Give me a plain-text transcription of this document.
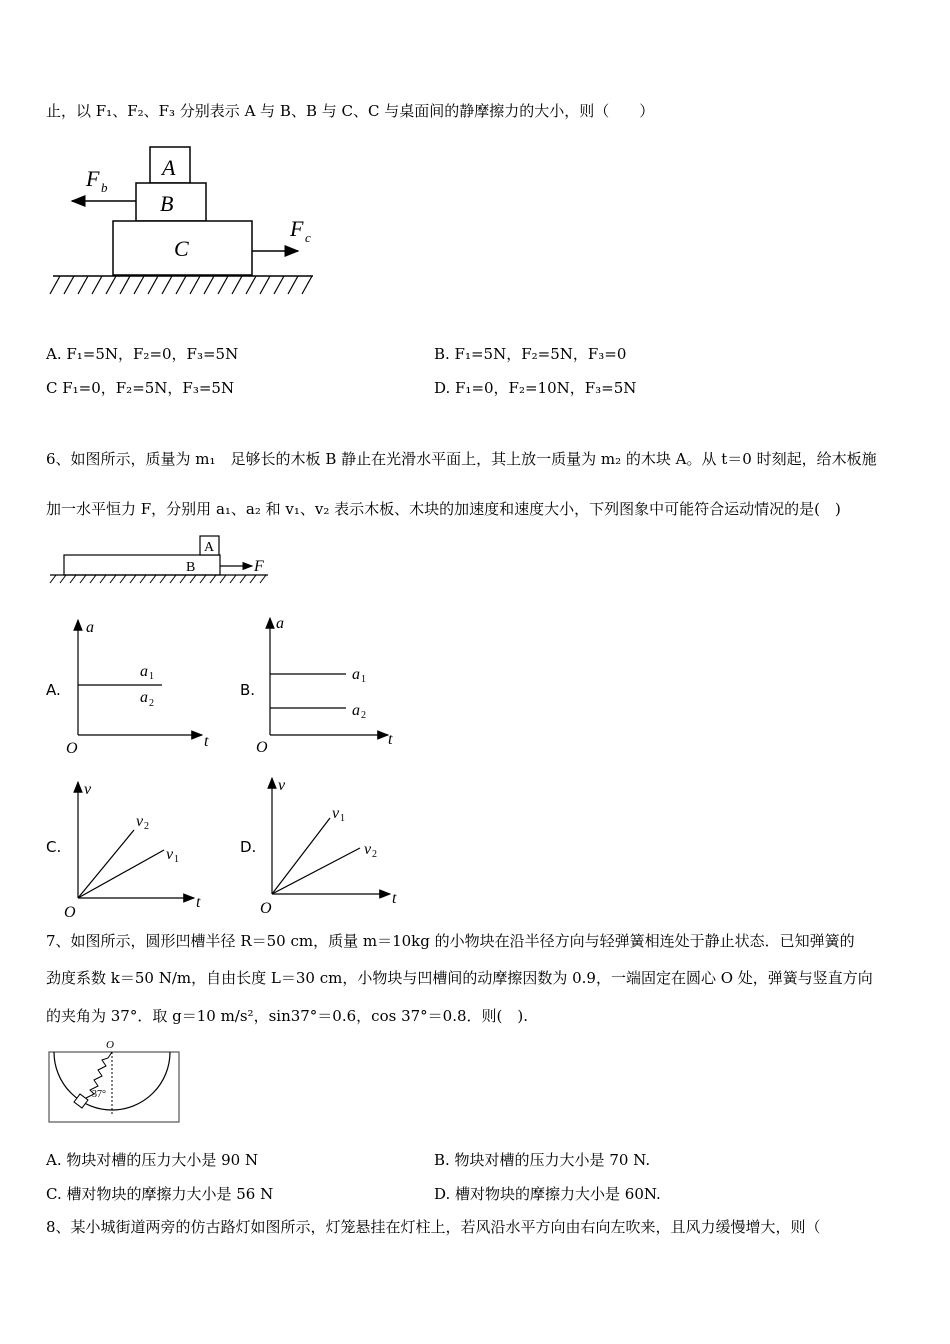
止，以 F₁、F₂、F₃ 分别表示 A 与 B、B 与 C、C 与桌面间的静摩擦力的大小，则（　　）
A
B
C
F b
F c
A. F₁=5N，F₂=0，F₃=5N	B. F₁=5N，F₂=5N，F₃=0
C F₁=0，F₂=5N，F₃=5N	D. F₁=0，F₂=10N，F₃=5N
6、如图所示，质量为 m₁　足够长的木板 B 静止在光滑水平面上，其上放一质量为 m₂ 的木块 A。从 t＝0 时刻起，给木板施
加一水平恒力 F，分别用 a₁、a₂ 和 v₁、v₂ 表示木板、木块的加速度和速度大小，下列图象中可能符合运动情况的是(　)
A
B	F
A.
a
t
O
a 1
a 2
B.
a
t
O
a 1
a 2
C.
v
t
O
v 2
v 1
D.
v
t
O
v 1
v 2
7、如图所示，圆形凹槽半径 R＝50 cm，质量 m＝10kg 的小物块在沿半径方向与轻弹簧相连处于静止状态．已知弹簧的
劲度系数 k＝50 N/m，自由长度 L＝30 cm，小物块与凹槽间的动摩擦因数为 0.9，一端固定在圆心 O 处，弹簧与竖直方向
的夹角为 37°．取 g＝10 m/s²，sin37°＝0.6，cos 37°＝0.8．则(　).
O
37°
A. 物块对槽的压力大小是 90 N	B. 物块对槽的压力大小是 70 N.
C. 槽对物块的摩擦力大小是 56 N	D. 槽对物块的摩擦力大小是 60N.
8、某小城街道两旁的仿古路灯如图所示，灯笼悬挂在灯柱上，若风沿水平方向由右向左吹来，且风力缓慢增大，则（
